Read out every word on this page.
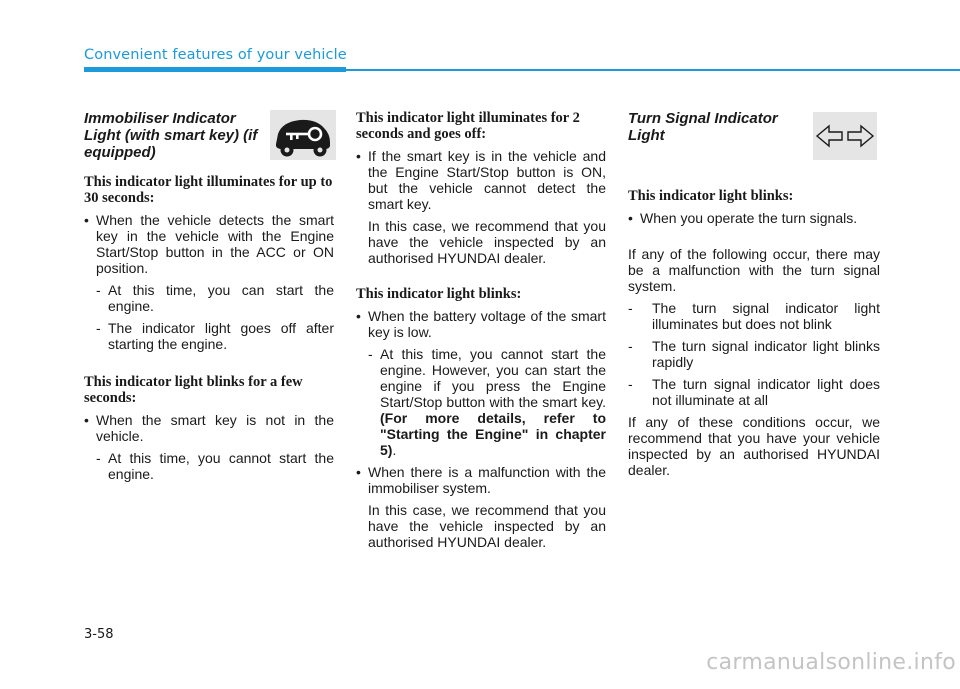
Convenient features of your vehicle
Immobiliser Indicator Light (with smart key) (if equipped)
This indicator light illuminates for up to 30 seconds:

• When the vehicle detects the smart key in the vehicle with the Engine Start/Stop button in the ACC or ON position.

- At this time, you can start the engine.

- The indicator light goes off after starting the engine.

This indicator light blinks for a few seconds:

• When the smart key is not in the vehicle.

- At this time, you cannot start the engine.

This indicator light illuminates for 2 seconds and goes off:

• If the smart key is in the vehicle and the Engine Start/Stop button is ON, but the vehicle cannot detect the smart key.

In this case, we recommend that you have the vehicle inspected by an authorised HYUNDAI dealer.

This indicator light blinks:

• When the battery voltage of the smart key is low.

- At this time, you cannot start the engine. However, you can start the engine if you press the Engine Start/Stop button with the smart key. (For more details, refer to "Starting the Engine" in chapter 5).

• When there is a malfunction with the immobiliser system.

In this case, we recommend that you have the vehicle inspected by an authorised HYUNDAI dealer.

Turn Signal Indicator Light
This indicator light blinks:

• When you operate the turn signals.

If any of the following occur, there may be a malfunction with the turn signal system.

-	The turn signal indicator light illuminates but does not blink

-	The turn signal indicator light blinks rapidly

-	The turn signal indicator light does not illuminate at all

If any of these conditions occur, we recommend that you have your vehicle inspected by an authorised HYUNDAI dealer.

3-58
carmanualsonline.info
